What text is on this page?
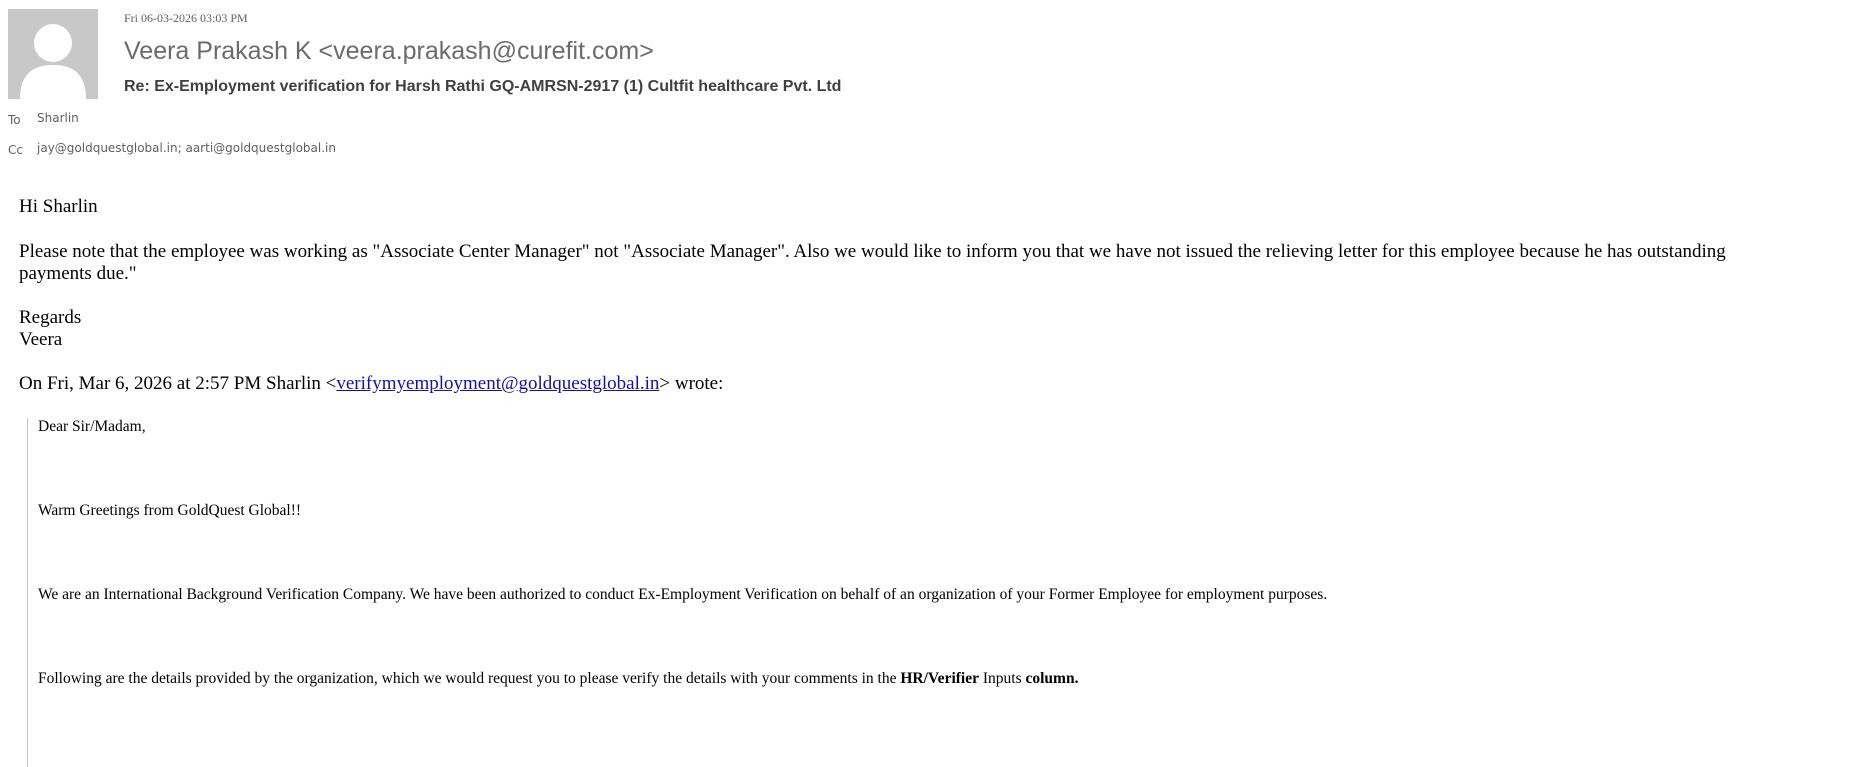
Fri 06-03-2026 03:03 PM
Veera Prakash K <veera.prakash@curefit.com>
Re: Ex-Employment verification for Harsh Rathi GQ-AMRSN-2917 (1) Cultfit healthcare Pvt. Ltd
To Sharlin
Cc jay@goldquestglobal.in; aarti@goldquestglobal.in
Hi Sharlin
Please note that the employee was working as "Associate Center Manager" not "Associate Manager". Also we would like to inform you that we have not issued the relieving letter for this employee because he has outstanding
payments due."
Regards
Veera
On Fri, Mar 6, 2026 at 2:57 PM Sharlin <verifymyemployment@goldquestglobal.in> wrote:
Dear Sir/Madam,
Warm Greetings from GoldQuest Global!!
We are an International Background Verification Company. We have been authorized to conduct Ex-Employment Verification on behalf of an organization of your Former Employee for employment purposes.
Following are the details provided by the organization, which we would request you to please verify the details with your comments in the HR/Verifier Inputs column.
